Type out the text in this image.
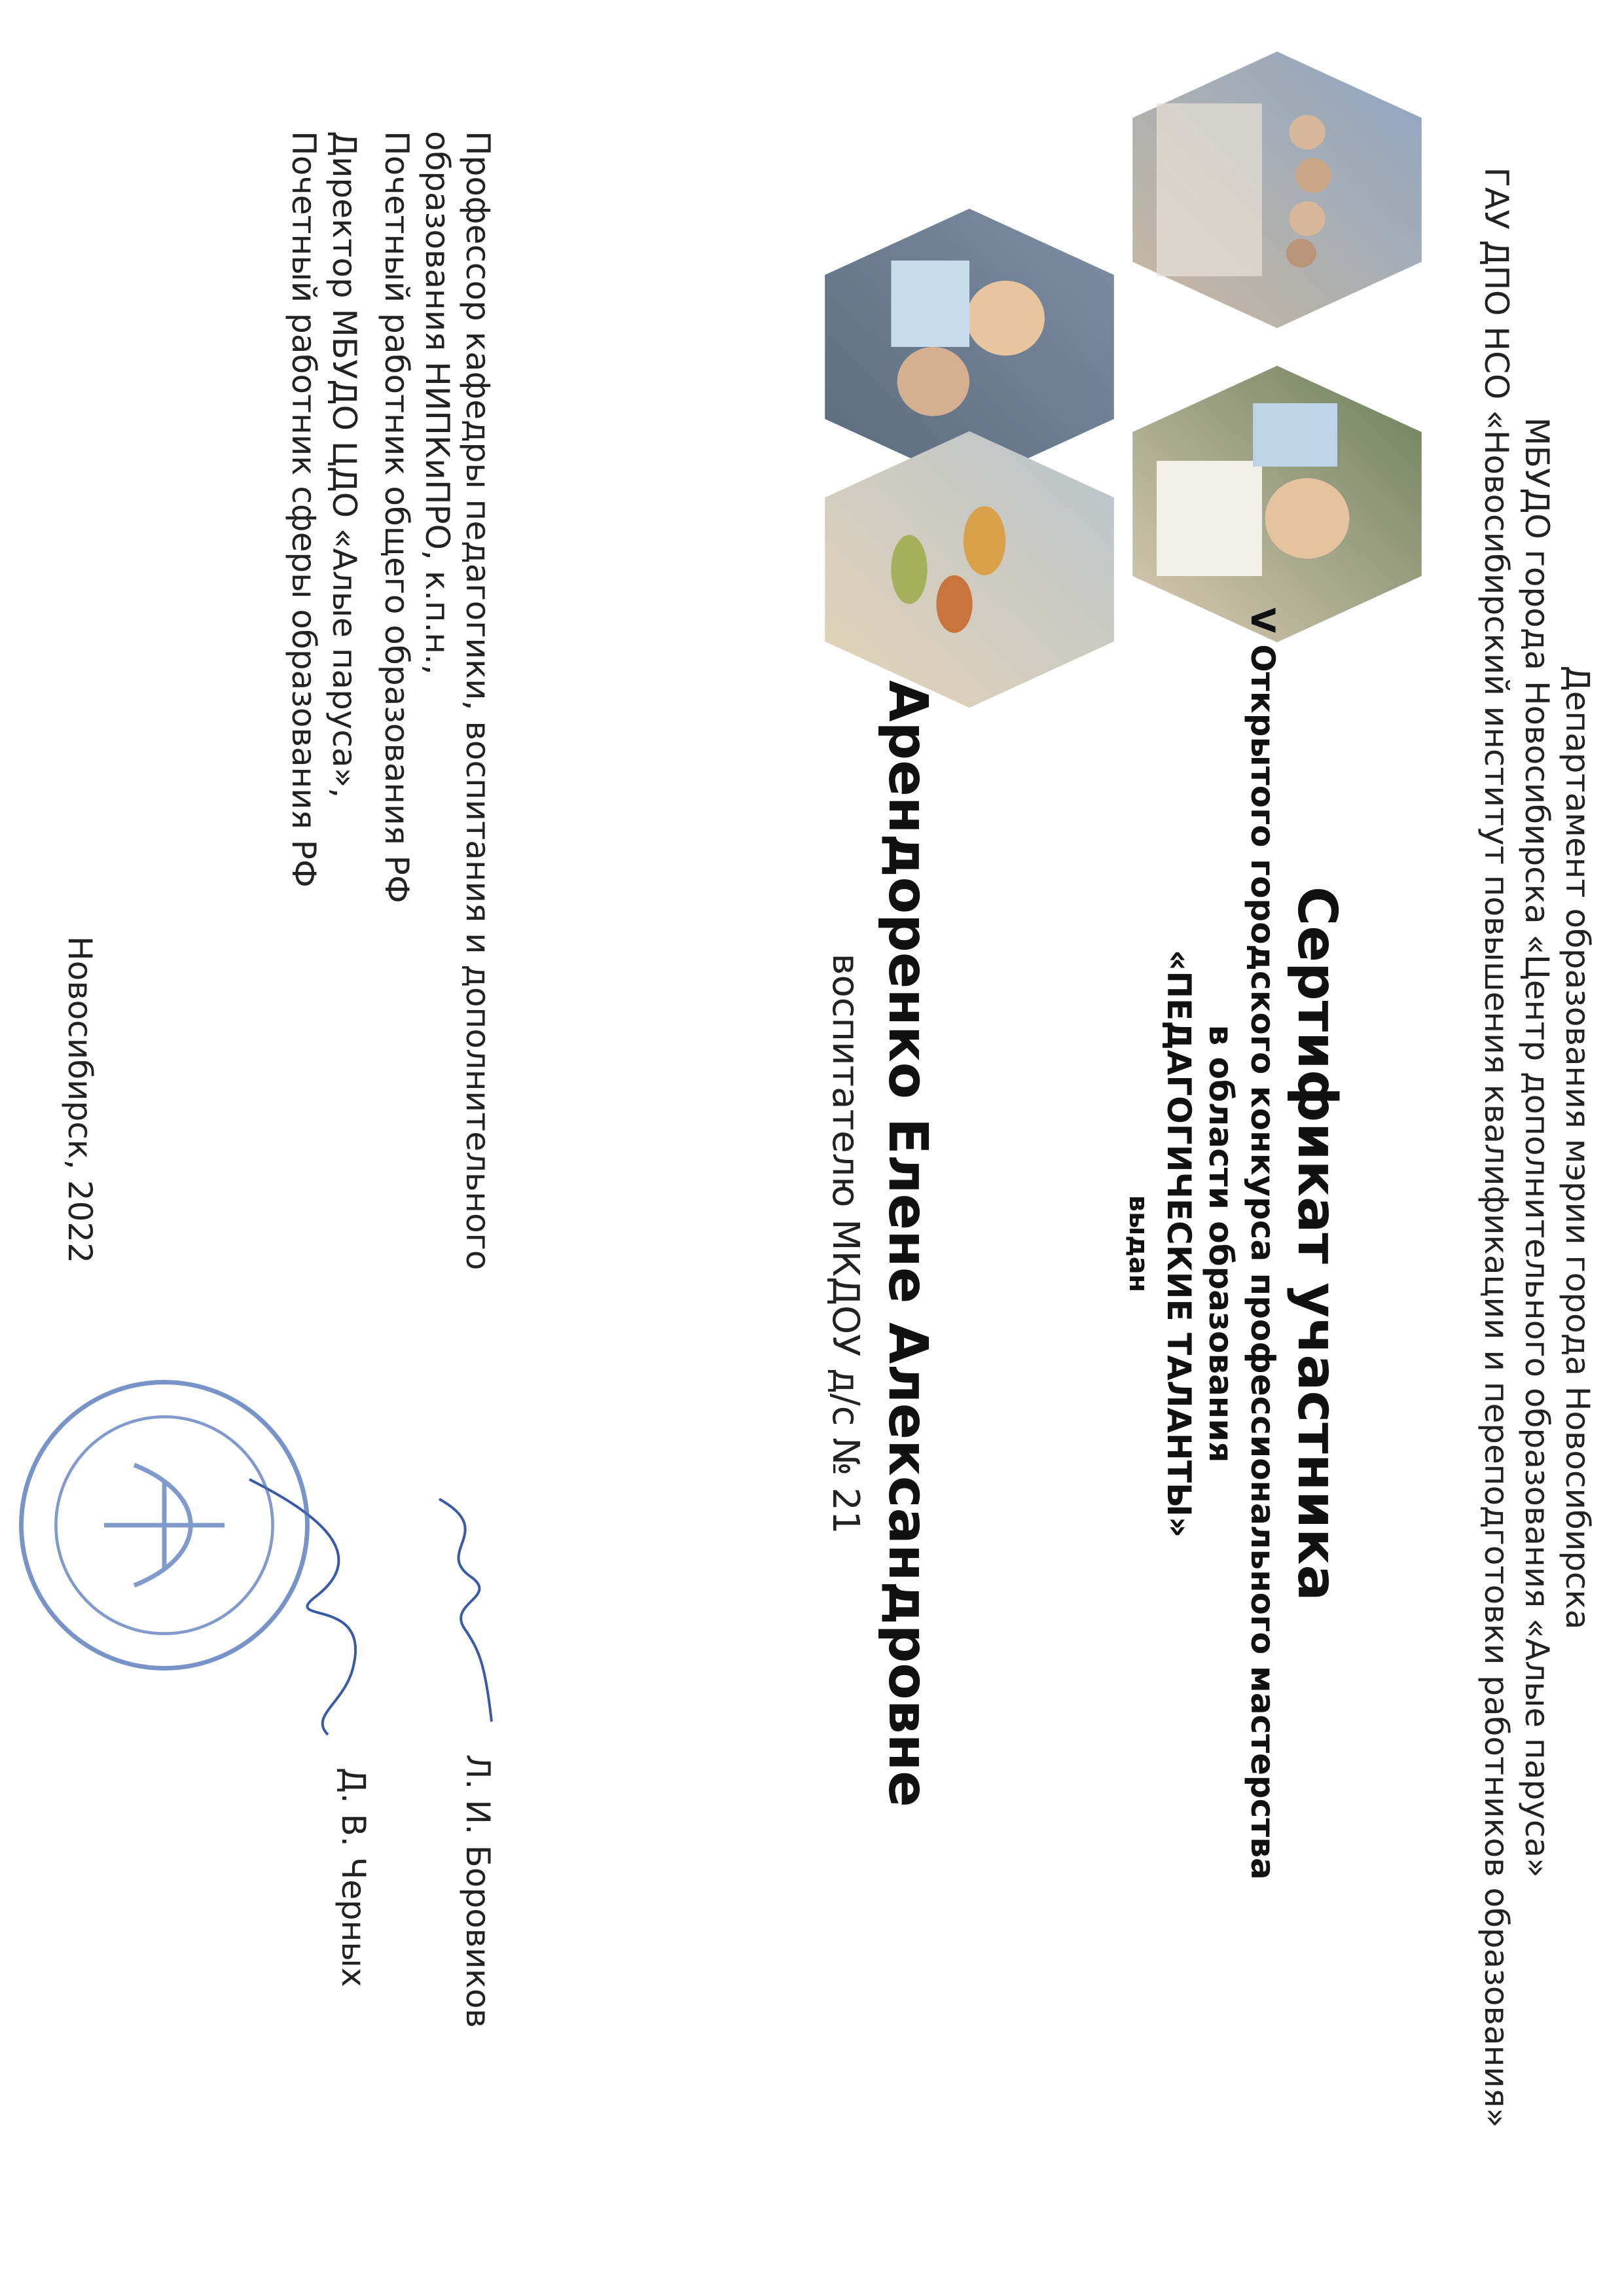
Департамент образования мэрии города Новосибирска
МБУДО города Новосибирска «Центр дополнительного образования «Алые паруса»
ГАУ ДПО НСО «Новосибирский институт повышения квалификации и переподготовки работников образования»
Сертификат участника
V Открытого городского конкурса профессионального мастерства
в области образования
«ПЕДАГОГИЧЕСКИЕ ТАЛАНТЫ»
выдан
Арендоренко Елене Александровне
воспитателю МКДОУ д/с № 21
Профессор кафедры педагогики, воспитания и дополнительного
образования НИПКиПРО, к.п.н.,
Почетный работник общего образования РФ
Директор МБУДО ЦДО «Алые паруса»,
Почетный работник сферы образования РФ
Л. И. Боровиков
Д. В. Черных
Новосибирск, 2022
